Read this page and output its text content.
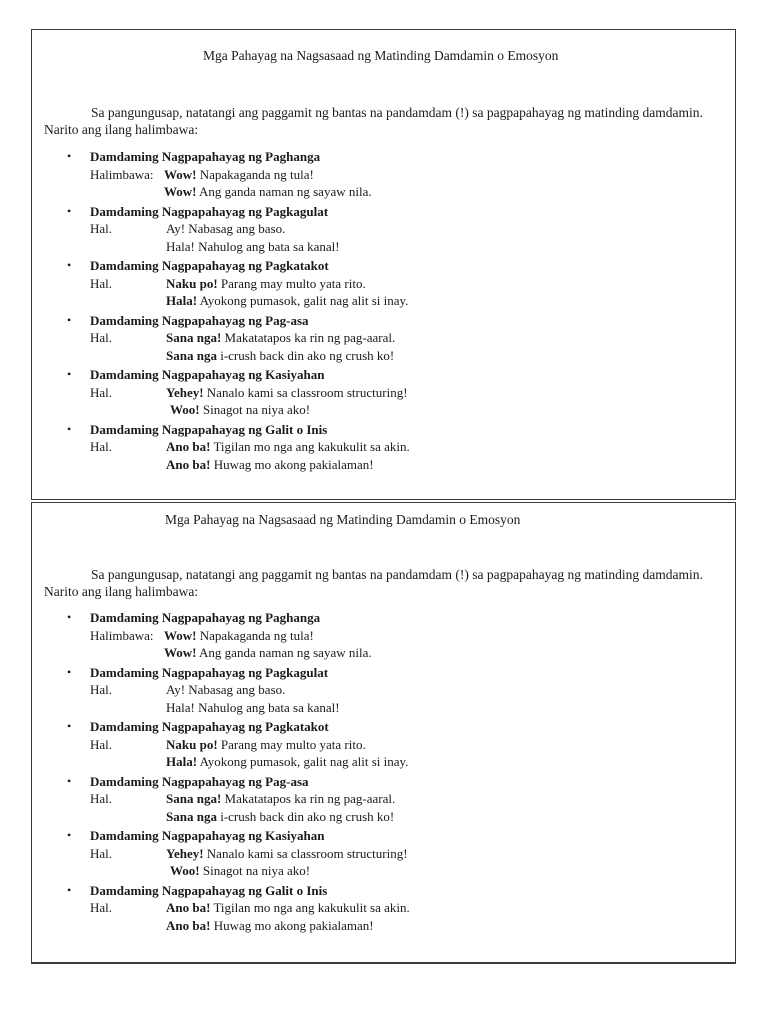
Mga Pahayag na Nagsasaad ng Matinding Damdamin o Emosyon

Sa pangungusap, natatangi ang paggamit ng bantas na pandamdam (!) sa pagpapahayag ng matinding damdamin. Narito ang ilang halimbawa:

• Damdaming Nagpapahayag ng Paghanga
Halimbawa: Wow! Napakaganda ng tula!
Wow! Ang ganda naman ng sayaw nila.
• Damdaming Nagpapahayag ng Pagkagulat
Hal.	Ay! Nabasag ang baso.
Hala! Nahulog ang bata sa kanal!
• Damdaming Nagpapahayag ng Pagkatakot
Hal.	Naku po! Parang may multo yata rito.
Hala! Ayokong pumasok, galit nag alit si inay.
• Damdaming Nagpapahayag ng Pag-asa
Hal.	Sana nga! Makatatapos ka rin ng pag-aaral.
Sana nga i-crush back din ako ng crush ko!
• Damdaming Nagpapahayag ng Kasiyahan
Hal.	Yehey! Nanalo kami sa classroom structuring!
Woo! Sinagot na niya ako!
• Damdaming Nagpapahayag ng Galit o Inis
Hal.	Ano ba! Tigilan mo nga ang kakukulit sa akin.
Ano ba! Huwag mo akong pakialaman!
Mga Pahayag na Nagsasaad ng Matinding Damdamin o Emosyon

Sa pangungusap, natatangi ang paggamit ng bantas na pandamdam (!) sa pagpapahayag ng matinding damdamin. Narito ang ilang halimbawa:

• Damdaming Nagpapahayag ng Paghanga
Halimbawa: Wow! Napakaganda ng tula!
Wow! Ang ganda naman ng sayaw nila.
• Damdaming Nagpapahayag ng Pagkagulat
Hal.	Ay! Nabasag ang baso.
Hala! Nahulog ang bata sa kanal!
• Damdaming Nagpapahayag ng Pagkatakot
Hal.	Naku po! Parang may multo yata rito.
Hala! Ayokong pumasok, galit nag alit si inay.
• Damdaming Nagpapahayag ng Pag-asa
Hal.	Sana nga! Makatatapos ka rin ng pag-aaral.
Sana nga i-crush back din ako ng crush ko!
• Damdaming Nagpapahayag ng Kasiyahan
Hal.	Yehey! Nanalo kami sa classroom structuring!
Woo! Sinagot na niya ako!
• Damdaming Nagpapahayag ng Galit o Inis
Hal.	Ano ba! Tigilan mo nga ang kakukulit sa akin.
Ano ba! Huwag mo akong pakialaman!
